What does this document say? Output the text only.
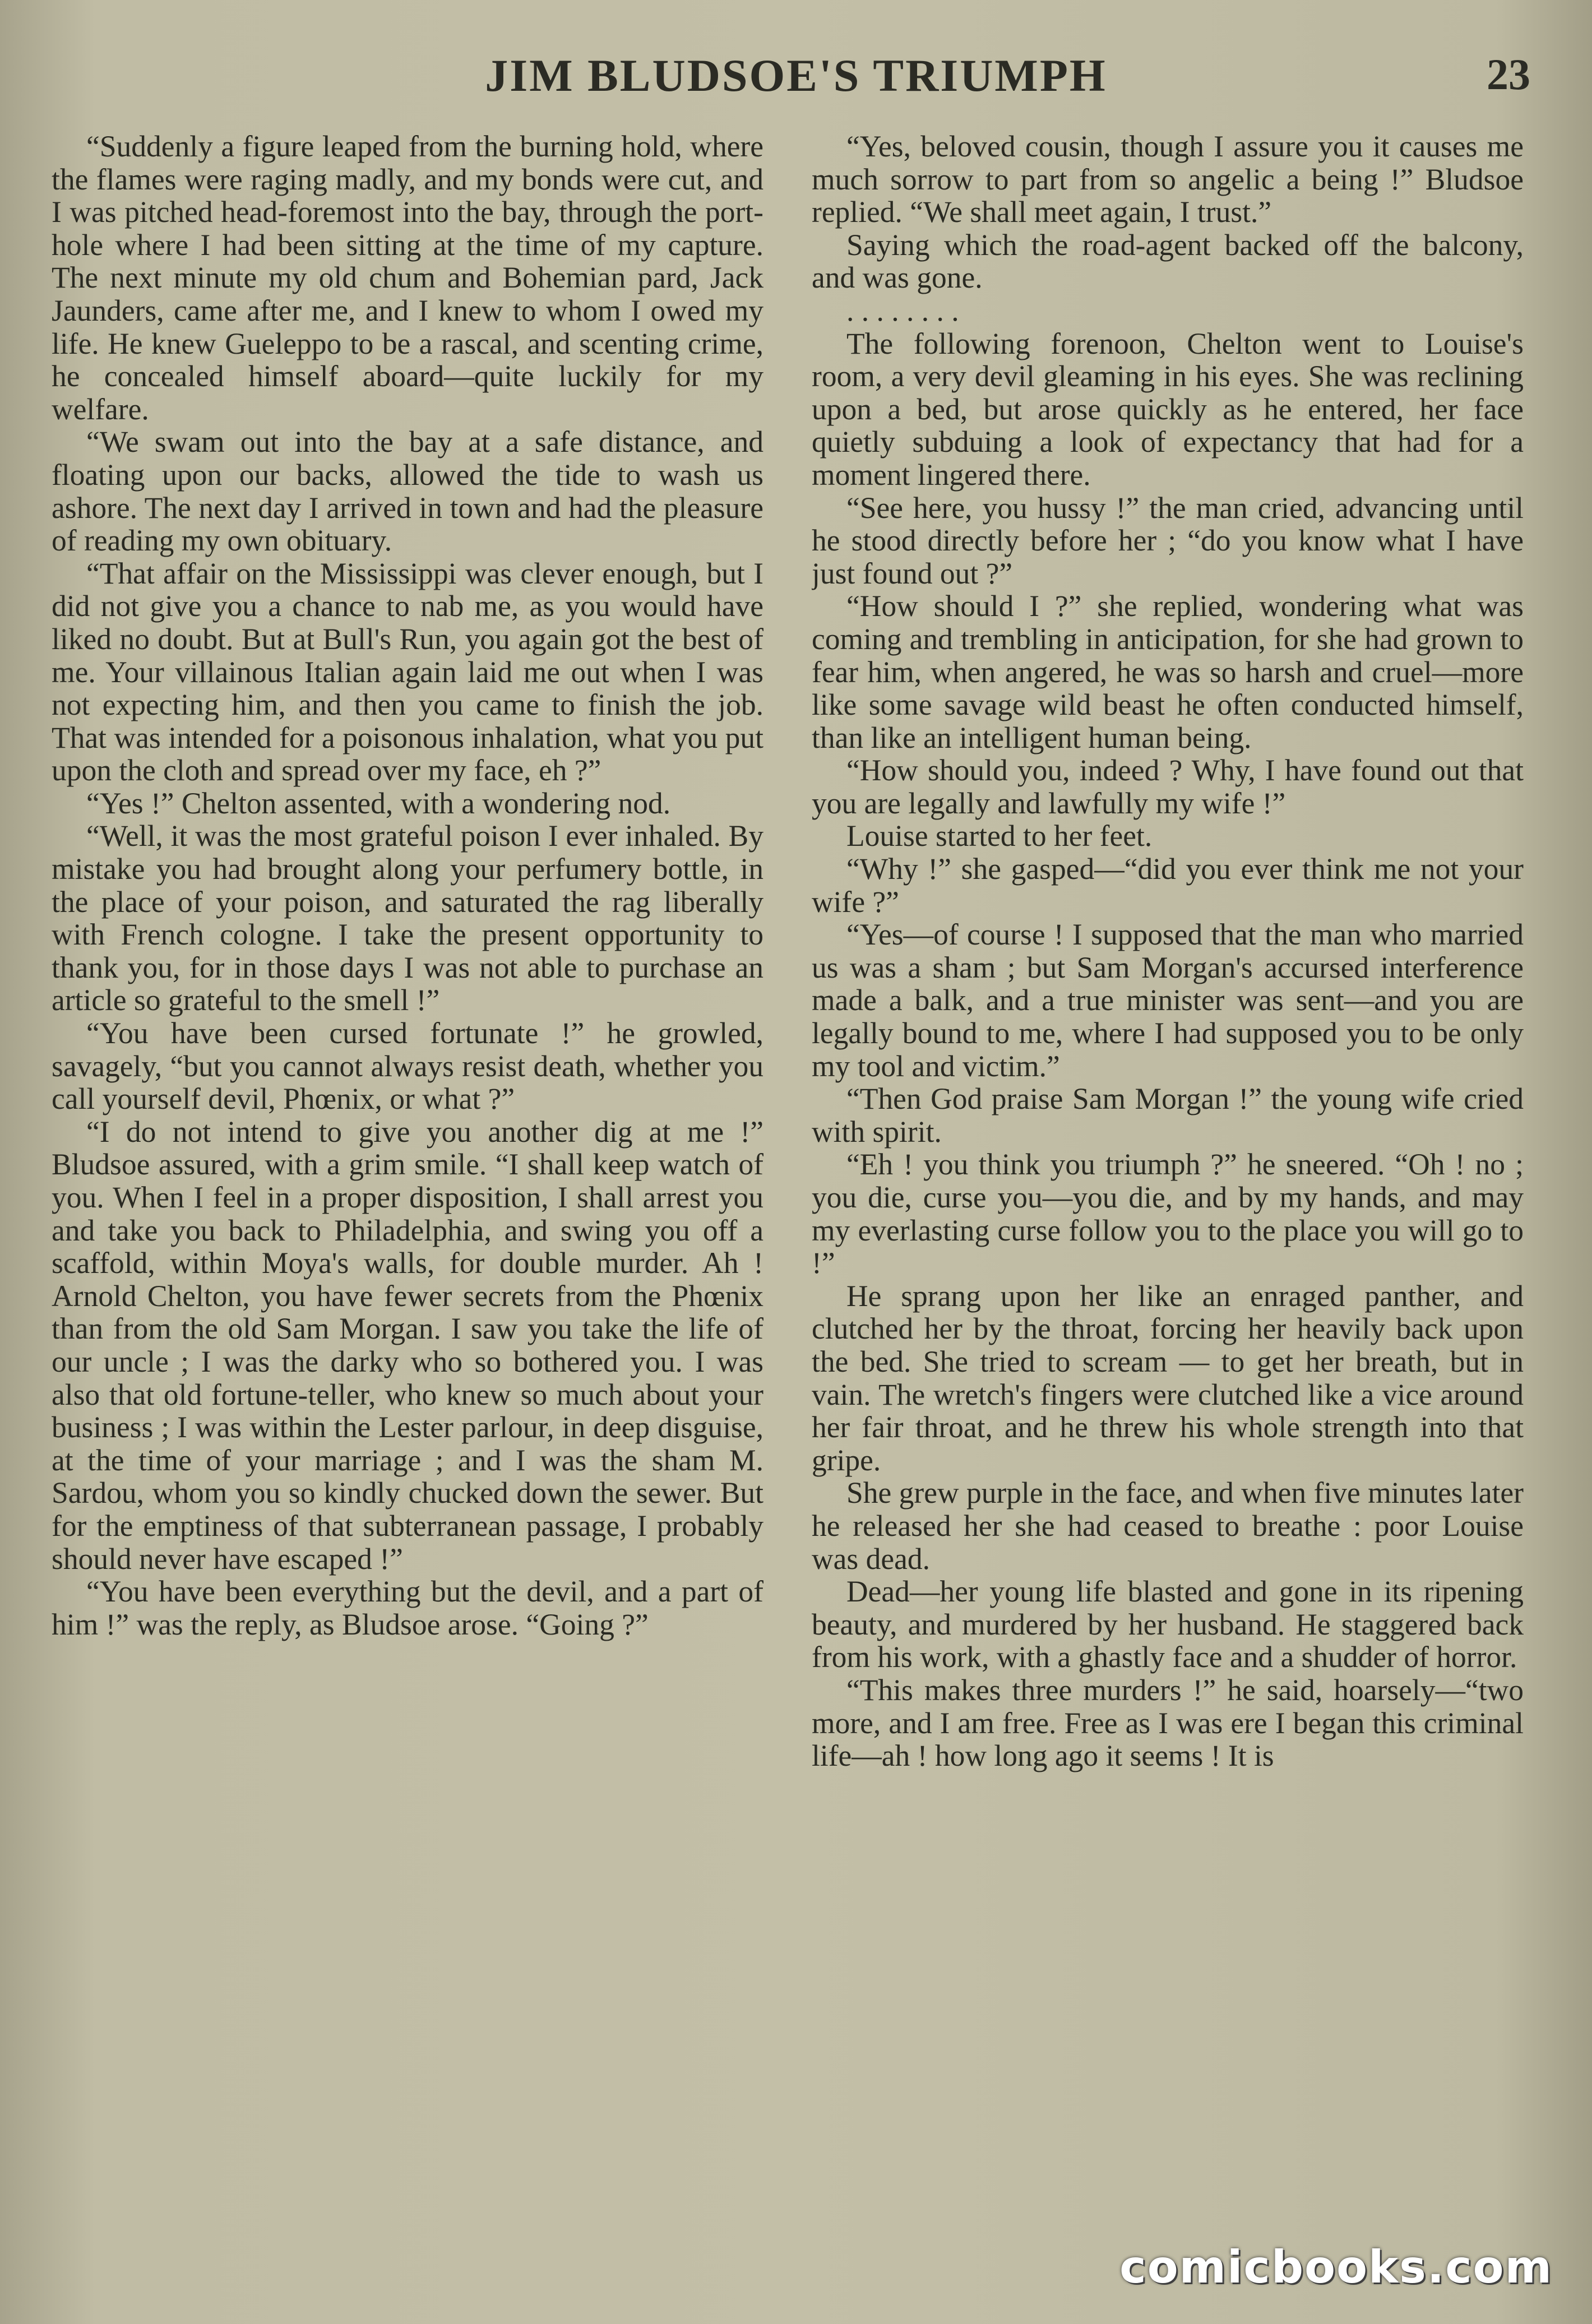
JIM BLUDSOE'S TRIUMPH	23

“Suddenly a figure leaped from the burning hold, where the flames were raging madly, and my bonds were cut, and I was pitched head-foremost into the bay, through the port-hole where I had been sitting at the time of my capture. The next minute my old chum and Bohemian pard, Jack Jaunders, came after me, and I knew to whom I owed my life. He knew Gueleppo to be a rascal, and scenting crime, he concealed himself aboard—quite luckily for my welfare.

“We swam out into the bay at a safe distance, and floating upon our backs, allowed the tide to wash us ashore. The next day I arrived in town and had the pleasure of reading my own obituary.

“That affair on the Mississippi was clever enough, but I did not give you a chance to nab me, as you would have liked no doubt. But at Bull's Run, you again got the best of me. Your villainous Italian again laid me out when I was not expecting him, and then you came to finish the job. That was intended for a poisonous inhalation, what you put upon the cloth and spread over my face, eh ?”

“Yes !” Chelton assented, with a wondering nod.

“Well, it was the most grateful poison I ever inhaled. By mistake you had brought along your perfumery bottle, in the place of your poison, and saturated the rag liberally with French cologne. I take the present opportunity to thank you, for in those days I was not able to purchase an article so grateful to the smell !”

“You have been cursed fortunate !” he growled, savagely, “but you cannot always resist death, whether you call yourself devil, Phœnix, or what ?”

“I do not intend to give you another dig at me !” Bludsoe assured, with a grim smile. “I shall keep watch of you. When I feel in a proper disposition, I shall arrest you and take you back to Philadelphia, and swing you off a scaffold, within Moya's walls, for double murder. Ah ! Arnold Chelton, you have fewer secrets from the Phœnix than from the old Sam Morgan. I saw you take the life of our uncle ; I was the darky who so bothered you. I was also that old fortune-teller, who knew so much about your business ; I was within the Lester parlour, in deep disguise, at the time of your marriage ; and I was the sham M. Sardou, whom you so kindly chucked down the sewer. But for the emptiness of that subterranean passage, I probably should never have escaped !”

“You have been everything but the devil, and a part of him !” was the reply, as Bludsoe arose. “Going ?”

“Yes, beloved cousin, though I assure you it causes me much sorrow to part from so angelic a being !” Bludsoe replied. “We shall meet again, I trust.”

Saying which the road-agent backed off the balcony, and was gone.

. . . . . . . .

The following forenoon, Chelton went to Louise's room, a very devil gleaming in his eyes. She was reclining upon a bed, but arose quickly as he entered, her face quietly subduing a look of expectancy that had for a moment lingered there.

“See here, you hussy !” the man cried, advancing until he stood directly before her ; “do you know what I have just found out ?”

“How should I ?” she replied, wondering what was coming and trembling in anticipation, for she had grown to fear him, when angered, he was so harsh and cruel—more like some savage wild beast he often conducted himself, than like an intelligent human being.

“How should you, indeed ? Why, I have found out that you are legally and lawfully my wife !”

Louise started to her feet.

“Why !” she gasped—“did you ever think me not your wife ?”

“Yes—of course ! I supposed that the man who married us was a sham ; but Sam Morgan's accursed interference made a balk, and a true minister was sent—and you are legally bound to me, where I had supposed you to be only my tool and victim.”

“Then God praise Sam Morgan !” the young wife cried with spirit.

“Eh ! you think you triumph ?” he sneered. “Oh ! no ; you die, curse you—you die, and by my hands, and may my everlasting curse follow you to the place you will go to !”

He sprang upon her like an enraged panther, and clutched her by the throat, forcing her heavily back upon the bed. She tried to scream — to get her breath, but in vain. The wretch's fingers were clutched like a vice around her fair throat, and he threw his whole strength into that gripe.

She grew purple in the face, and when five minutes later he released her she had ceased to breathe : poor Louise was dead.

Dead—her young life blasted and gone in its ripening beauty, and murdered by her husband. He staggered back from his work, with a ghastly face and a shudder of horror.

“This makes three murders !” he said, hoarsely—“two more, and I am free. Free as I was ere I began this criminal life—ah ! how long ago it seems ! It is

comicbooks.com
